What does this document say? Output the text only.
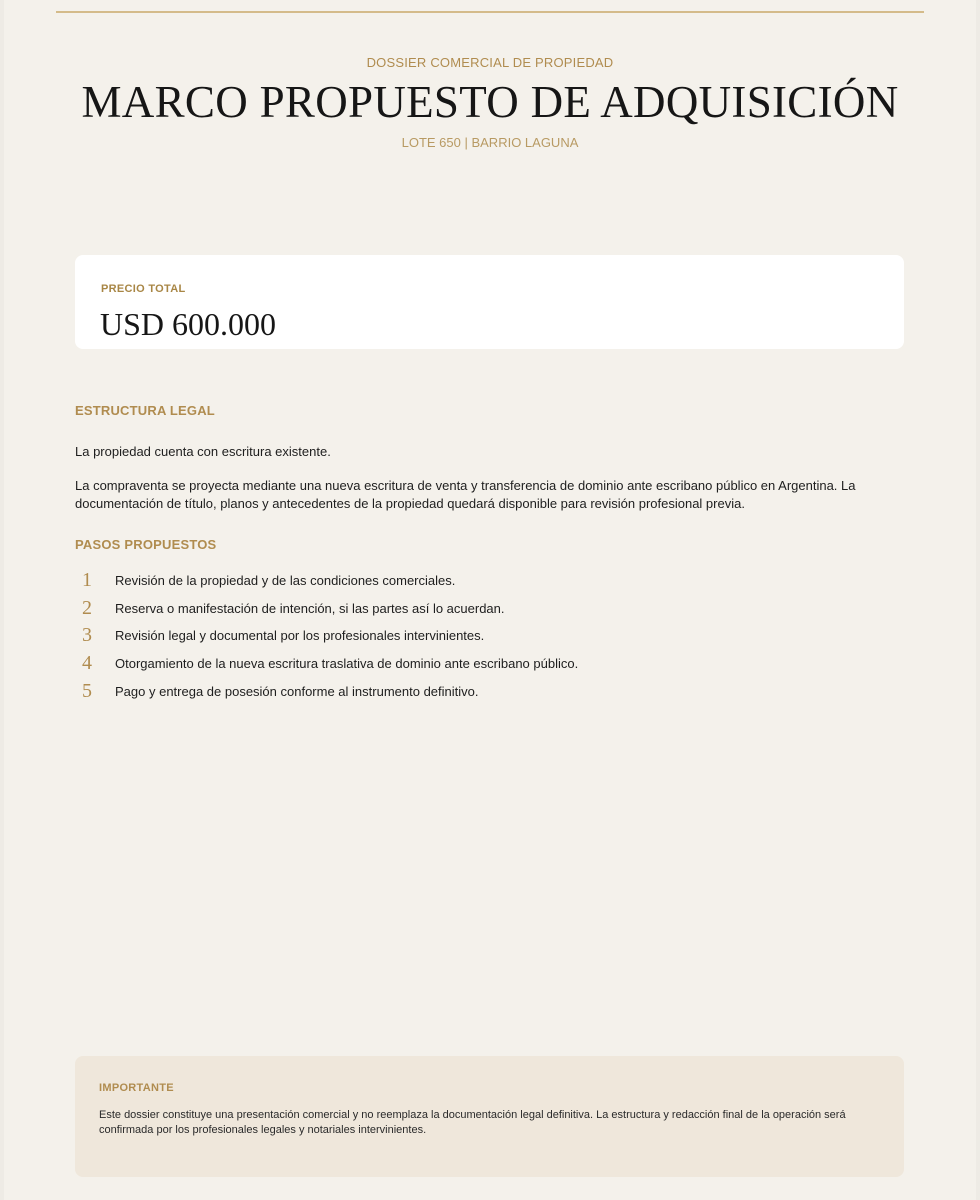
DOSSIER COMERCIAL DE PROPIEDAD
MARCO PROPUESTO DE ADQUISICIÓN
LOTE 650 | BARRIO LAGUNA
PRECIO TOTAL
USD 600.000
ESTRUCTURA LEGAL

La propiedad cuenta con escritura existente.

La compraventa se proyecta mediante una nueva escritura de venta y transferencia de dominio ante escribano público en Argentina. La documentación de título, planos y antecedentes de la propiedad quedará disponible para revisión profesional previa.

PASOS PROPUESTOS
1	Revisión de la propiedad y de las condiciones comerciales.
2	Reserva o manifestación de intención, si las partes así lo acuerdan.
3	Revisión legal y documental por los profesionales intervinientes.
4	Otorgamiento de la nueva escritura traslativa de dominio ante escribano público.
5	Pago y entrega de posesión conforme al instrumento definitivo.
IMPORTANTE

Este dossier constituye una presentación comercial y no reemplaza la documentación legal definitiva. La estructura y redacción final de la operación será confirmada por los profesionales legales y notariales intervinientes.
